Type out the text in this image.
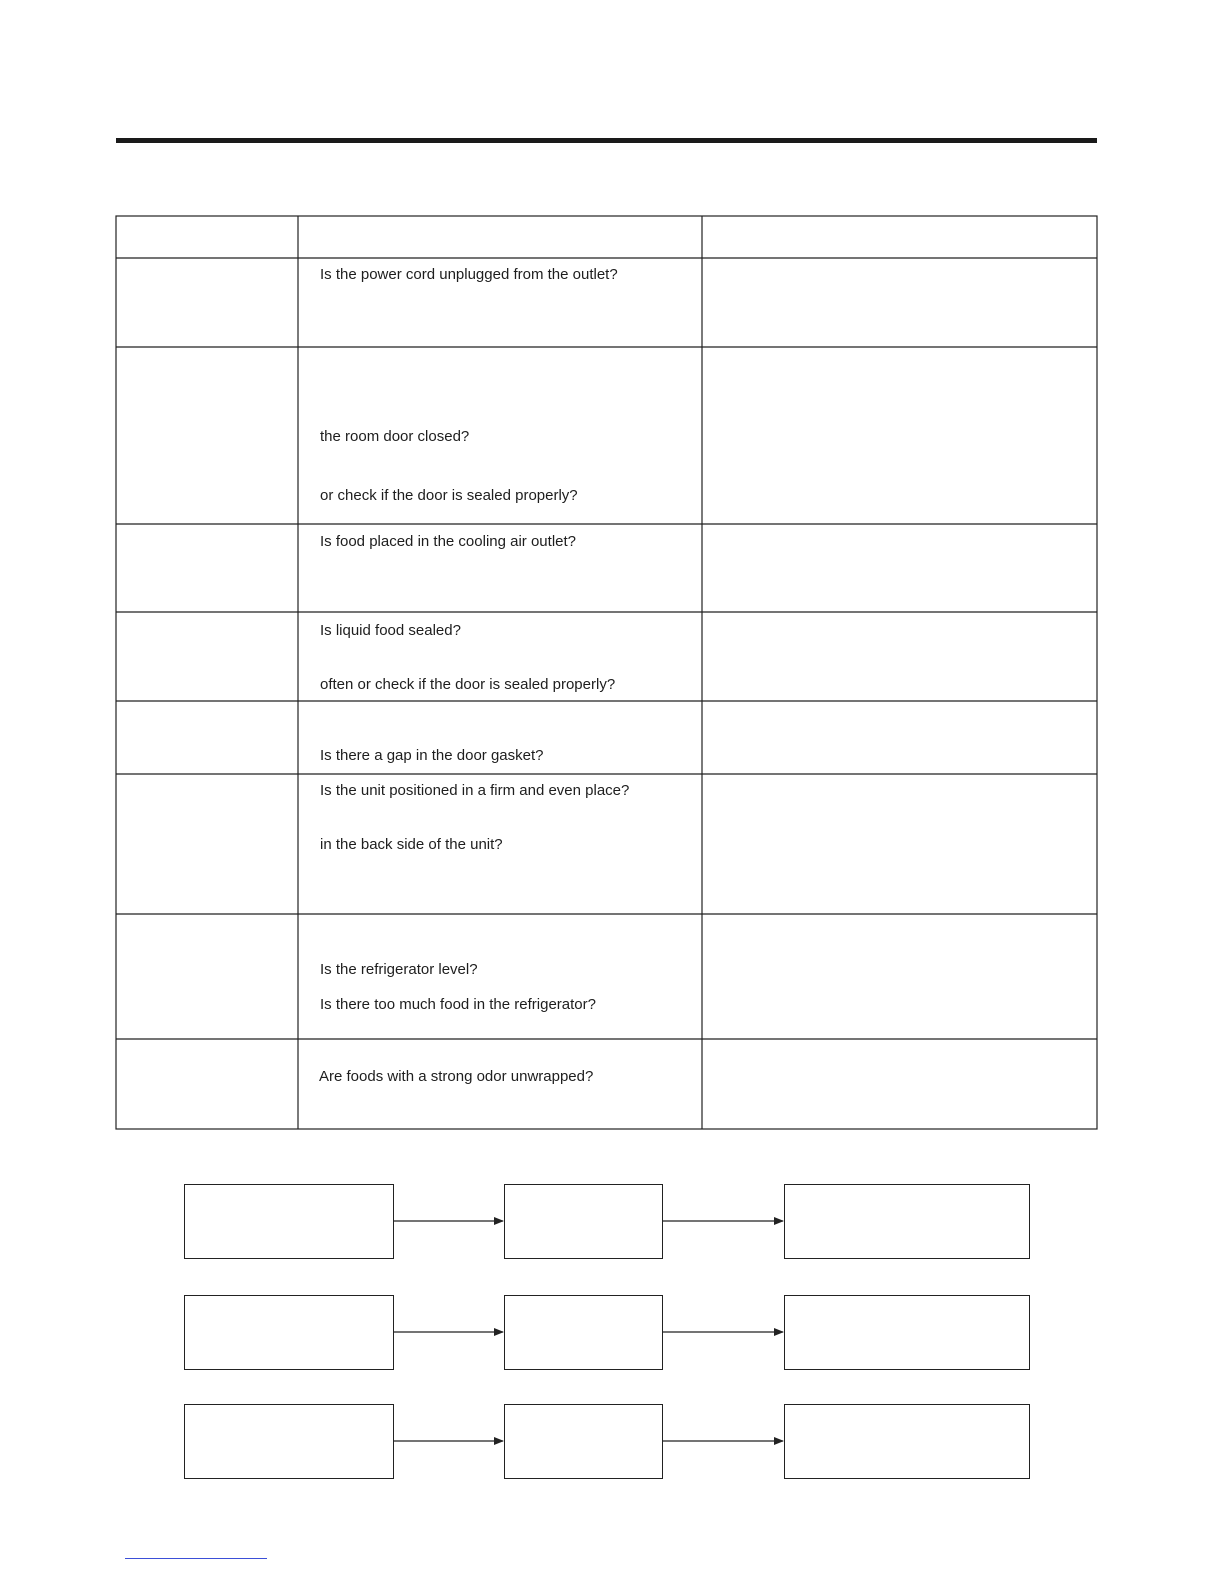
Is the power cord unplugged from the outlet?
the room door closed?
or check if the door is sealed properly?
Is food placed in the cooling air outlet?
Is liquid food sealed?
often or check if the door is sealed properly?
Is there a gap in the door gasket?
Is the unit positioned in a firm and even place?
in the back side of the unit?
Is the refrigerator level?
Is there too much food in the refrigerator?
Are foods with a strong odor unwrapped?
